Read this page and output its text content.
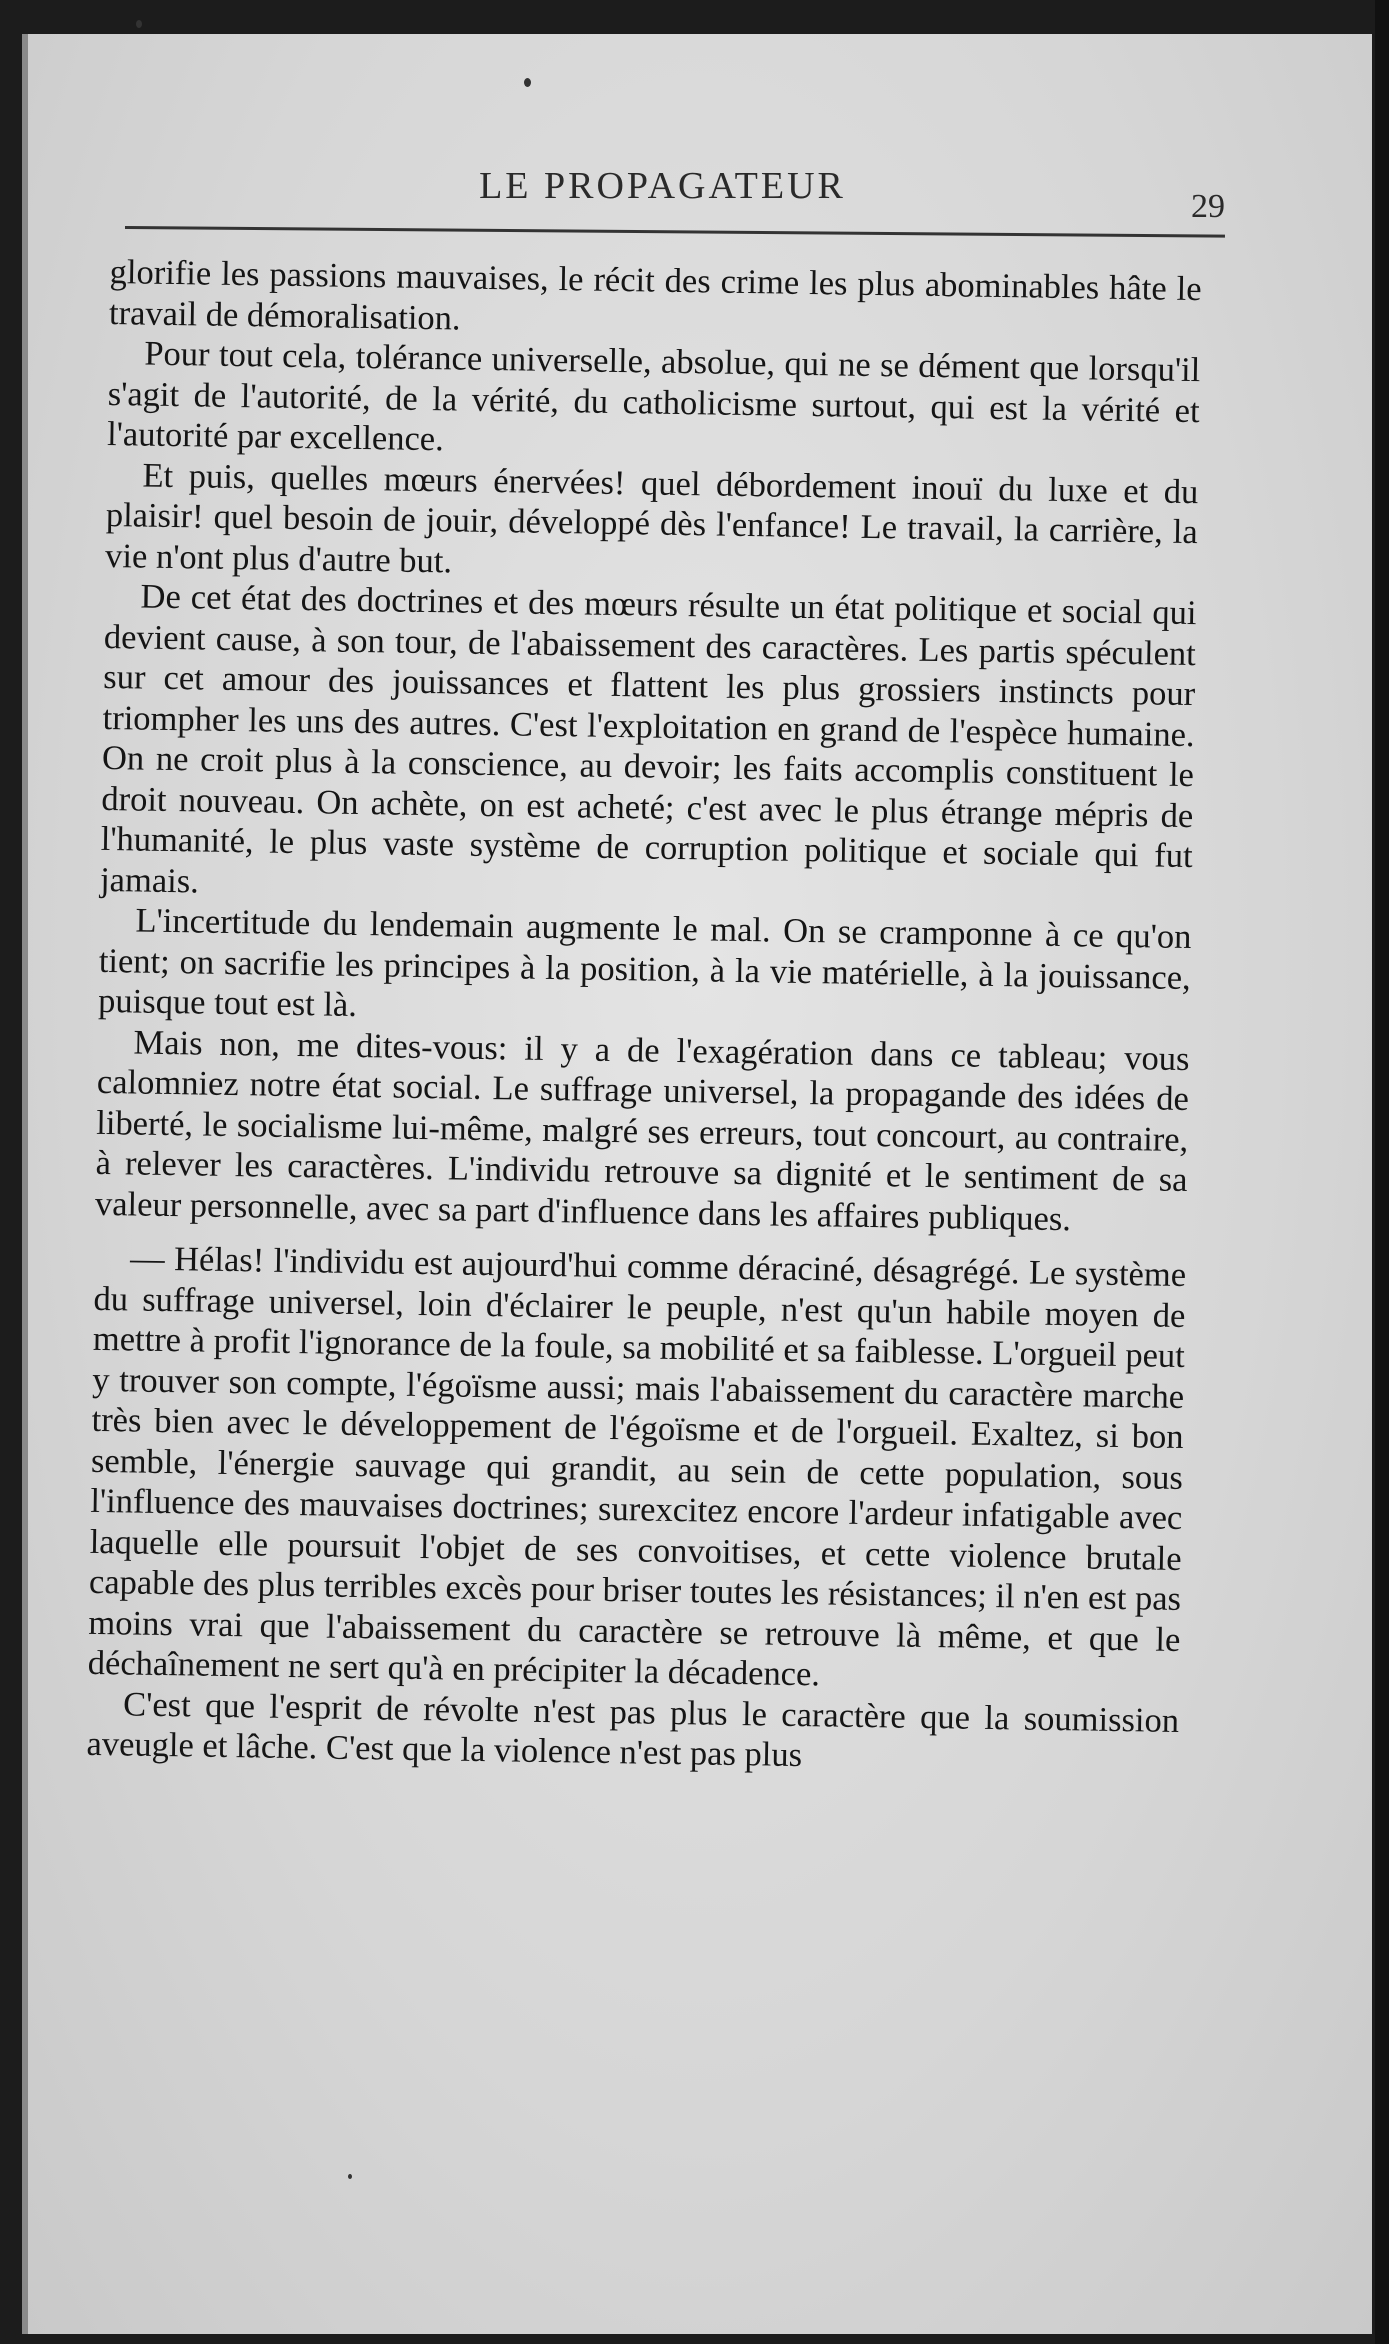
LE PROPAGATEUR	29

glorifie les passions mauvaises, le récit des crime les plus abominables hâte le travail de démoralisation.

Pour tout cela, tolérance universelle, absolue, qui ne se dément que lorsqu'il s'agit de l'autorité, de la vérité, du catholicisme surtout, qui est la vérité et l'autorité par excellence.

Et puis, quelles mœurs énervées! quel débordement inouï du luxe et du plaisir! quel besoin de jouir, développé dès l'enfance! Le travail, la carrière, la vie n'ont plus d'autre but.

De cet état des doctrines et des mœurs résulte un état politique et social qui devient cause, à son tour, de l'abaissement des caractères. Les partis spéculent sur cet amour des jouissances et flattent les plus grossiers instincts pour triompher les uns des autres. C'est l'exploitation en grand de l'espèce humaine. On ne croit plus à la conscience, au devoir; les faits accomplis constituent le droit nouveau. On achète, on est acheté; c'est avec le plus étrange mépris de l'humanité, le plus vaste système de corruption politique et sociale qui fut jamais.

L'incertitude du lendemain augmente le mal. On se cramponne à ce qu'on tient; on sacrifie les principes à la position, à la vie matérielle, à la jouissance, puisque tout est là.

Mais non, me dites-vous: il y a de l'exagération dans ce tableau; vous calomniez notre état social. Le suffrage universel, la propagande des idées de liberté, le socialisme lui-même, malgré ses erreurs, tout concourt, au contraire, à relever les caractères. L'individu retrouve sa dignité et le sentiment de sa valeur personnelle, avec sa part d'influence dans les affaires publiques.

— Hélas! l'individu est aujourd'hui comme déraciné, désagrégé. Le système du suffrage universel, loin d'éclairer le peuple, n'est qu'un habile moyen de mettre à profit l'ignorance de la foule, sa mobilité et sa faiblesse. L'orgueil peut y trouver son compte, l'égoïsme aussi; mais l'abaissement du caractère marche très bien avec le développement de l'égoïsme et de l'orgueil. Exaltez, si bon semble, l'énergie sauvage qui grandit, au sein de cette population, sous l'influence des mauvaises doctrines; surexcitez encore l'ardeur infatigable avec laquelle elle poursuit l'objet de ses convoitises, et cette violence brutale capable des plus terribles excès pour briser toutes les résistances; il n'en est pas moins vrai que l'abaissement du caractère se retrouve là même, et que le déchaînement ne sert qu'à en précipiter la décadence.

C'est que l'esprit de révolte n'est pas plus le caractère que la soumission aveugle et lâche. C'est que la violence n'est pas plus
